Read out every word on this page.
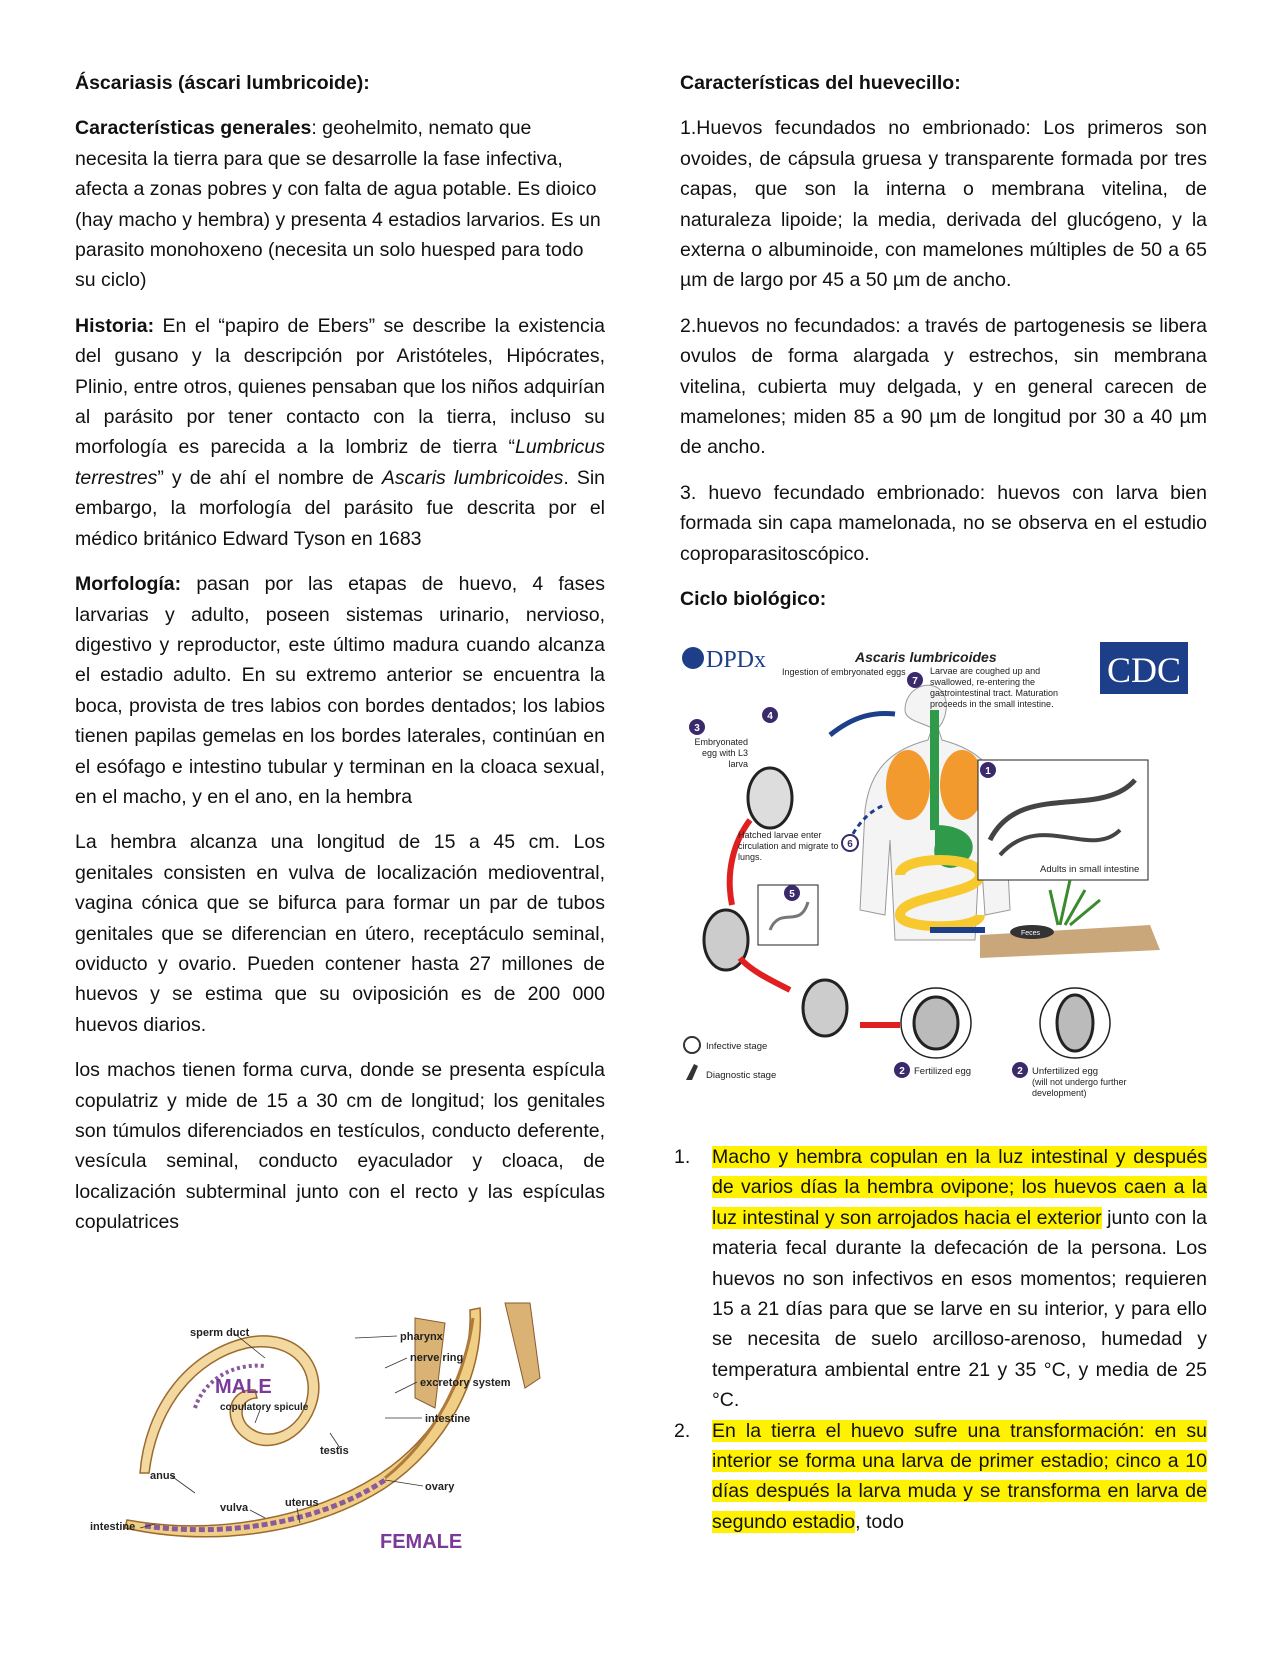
Áscariasis (áscari lumbricoide):

Características generales: geohelmito, nemato que necesita la tierra para que se desarrolle la fase infectiva, afecta a zonas pobres y con falta de agua potable. Es dioico (hay macho y hembra) y presenta 4 estadios larvarios. Es un parasito monohoxeno (necesita un solo huesped para todo su ciclo)

Historia: En el “papiro de Ebers” se describe la existencia del gusano y la descripción por Aristóteles, Hipócrates, Plinio, entre otros, quienes pensaban que los niños adquirían al parásito por tener contacto con la tierra, incluso su morfología es parecida a la lombriz de tierra “Lumbricus terrestres” y de ahí el nombre de Ascaris lumbricoides. Sin embargo, la morfología del parásito fue descrita por el médico británico Edward Tyson en 1683

Morfología: pasan por las etapas de huevo, 4 fases larvarias y adulto, poseen sistemas urinario, nervioso, digestivo y reproductor, este último madura cuando alcanza el estadio adulto. En su extremo anterior se encuentra la boca, provista de tres labios con bordes dentados; los labios tienen papilas gemelas en los bordes laterales, continúan en el esófago e intestino tubular y terminan en la cloaca sexual, en el macho, y en el ano, en la hembra

La hembra alcanza una longitud de 15 a 45 cm. Los genitales consisten en vulva de localización medioventral, vagina cónica que se bifurca para formar un par de tubos genitales que se diferencian en útero, receptáculo seminal, oviducto y ovario. Pueden contener hasta 27 millones de huevos y se estima que su oviposición es de 200 000 huevos diarios.

los machos tienen forma curva, donde se presenta espícula copulatriz y mide de 15 a 30 cm de longitud; los genitales son túmulos diferenciados en testículos, conducto deferente, vesícula seminal, conducto eyaculador y cloaca, de localización subterminal junto con el recto y las espículas copulatrices

MALE
FEMALE
sperm duct
copulatory spicule
anus
intestine
vulva	uterus
testis
pharynx
nerve ring
excretory system
intestine
ovary
Características del huevecillo:

1.Huevos fecundados no embrionado: Los primeros son ovoides, de cápsula gruesa y transparente formada por tres capas, que son la interna o membrana vitelina, de naturaleza lipoide; la media, derivada del glucógeno, y la externa o albuminoide, con mamelones múltiples de 50 a 65 µm de largo por 45 a 50 µm de ancho.

2.huevos no fecundados: a través de partogenesis se libera ovulos de forma alargada y estrechos, sin membrana vitelina, cubierta muy delgada, y en general carecen de mamelones; miden 85 a 90 µm de longitud por 30 a 40 µm de ancho.

3. huevo fecundado embrionado: huevos con larva bien formada sin capa mamelonada, no se observa en el estudio coproparasitoscópico.

Ciclo biológico:
DPDx	Ascaris lumbricoides	CDC
Adults in small intestine
Feces
4
Ingestion of embryonated eggs
7
Larvae are coughed up and swallowed, re-entering the gastrointestinal tract. Maturation proceeds in the small intestine.
3
Embryonated egg with L3 larva
Hatched larvae enter circulation and migrate to lungs.
6
5
1
2 Fertilized egg	2 Unfertilized egg
(will not undergo further development)
Infective stage
Diagnostic stage
1.	Macho y hembra copulan en la luz intestinal y después de varios días la hembra ovipone; los huevos caen a la luz intestinal y son arrojados hacia el exterior junto con la materia fecal durante la defecación de la persona. Los huevos no son infectivos en esos momentos; requieren 15 a 21 días para que se larve en su interior, y para ello se necesita de suelo arcilloso-arenoso, humedad y temperatura ambiental entre 21 y 35 °C, y media de 25 °C.
2.	En la tierra el huevo sufre una transformación: en su interior se forma una larva de primer estadio; cinco a 10 días después la larva muda y se transforma en larva de segundo estadio, todo
